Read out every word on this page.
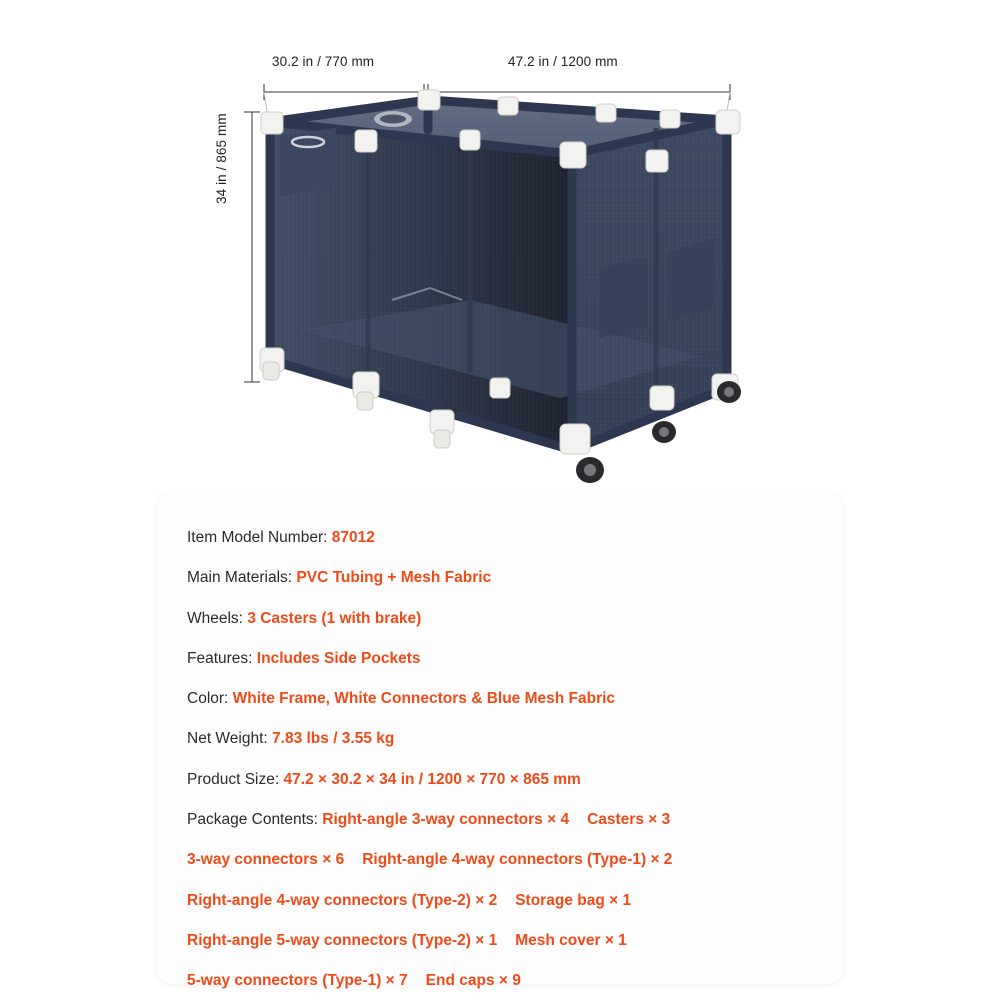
30.2 in / 770 mm	47.2 in / 1200 mm
34 in / 865 mm
Item Model Number: 87012
Main Materials: PVC Tubing + Mesh Fabric
Wheels: 3 Casters (1 with brake)
Features: Includes Side Pockets
Color: White Frame, White Connectors & Blue Mesh Fabric
Net Weight: 7.83 lbs / 3.55 kg
Product Size: 47.2 × 30.2 × 34 in / 1200 × 770 × 865 mm
Package Contents: Right-angle 3-way connectors × 4 Casters × 3
3-way connectors × 6 Right-angle 4-way connectors (Type-1) × 2
Right-angle 4-way connectors (Type-2) × 2 Storage bag × 1
Right-angle 5-way connectors (Type-2) × 1 Mesh cover × 1
5-way connectors (Type-1) × 7 End caps × 9
